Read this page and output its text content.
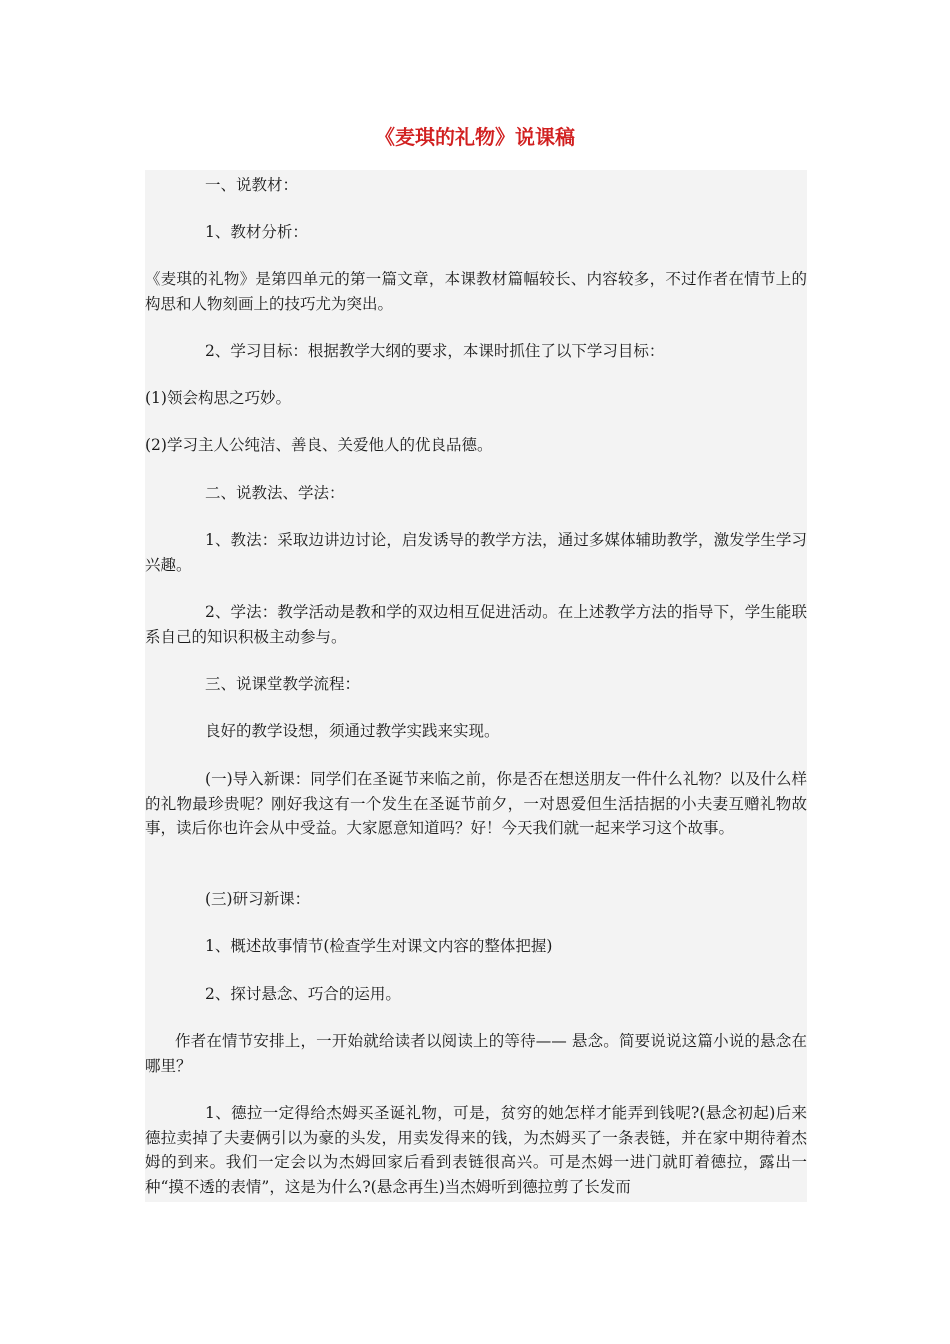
《麦琪的礼物》说课稿

一、说教材：

1、教材分析：

《麦琪的礼物》是第四单元的第一篇文章，本课教材篇幅较长、内容较多，不过作者在情节上的构思和人物刻画上的技巧尤为突出。

2、学习目标：根据教学大纲的要求，本课时抓住了以下学习目标：

(1)领会构思之巧妙。

(2)学习主人公纯洁、善良、关爱他人的优良品德。

二、说教法、学法：

1、教法：采取边讲边讨论，启发诱导的教学方法，通过多媒体辅助教学，激发学生学习兴趣。

2、学法：教学活动是教和学的双边相互促进活动。在上述教学方法的指导下，学生能联系自己的知识积极主动参与。

三、说课堂教学流程：

良好的教学设想，须通过教学实践来实现。

(一)导入新课：同学们在圣诞节来临之前，你是否在想送朋友一件什么礼物？以及什么样的礼物最珍贵呢？刚好我这有一个发生在圣诞节前夕，一对恩爱但生活拮据的小夫妻互赠礼物故事，读后你也许会从中受益。大家愿意知道吗？好！今天我们就一起来学习这个故事。

(三)研习新课：

1、概述故事情节(检查学生对课文内容的整体把握)

2、探讨悬念、巧合的运用。

作者在情节安排上，一开始就给读者以阅读上的等待—— 悬念。简要说说这篇小说的悬念在哪里？

1、德拉一定得给杰姆买圣诞礼物，可是，贫穷的她怎样才能弄到钱呢?(悬念初起)后来德拉卖掉了夫妻俩引以为豪的头发，用卖发得来的钱，为杰姆买了一条表链，并在家中期待着杰姆的到来。我们一定会以为杰姆回家后看到表链很高兴。可是杰姆一进门就盯着德拉，露出一种“摸不透的表情”，这是为什么?(悬念再生)当杰姆听到德拉剪了长发而
